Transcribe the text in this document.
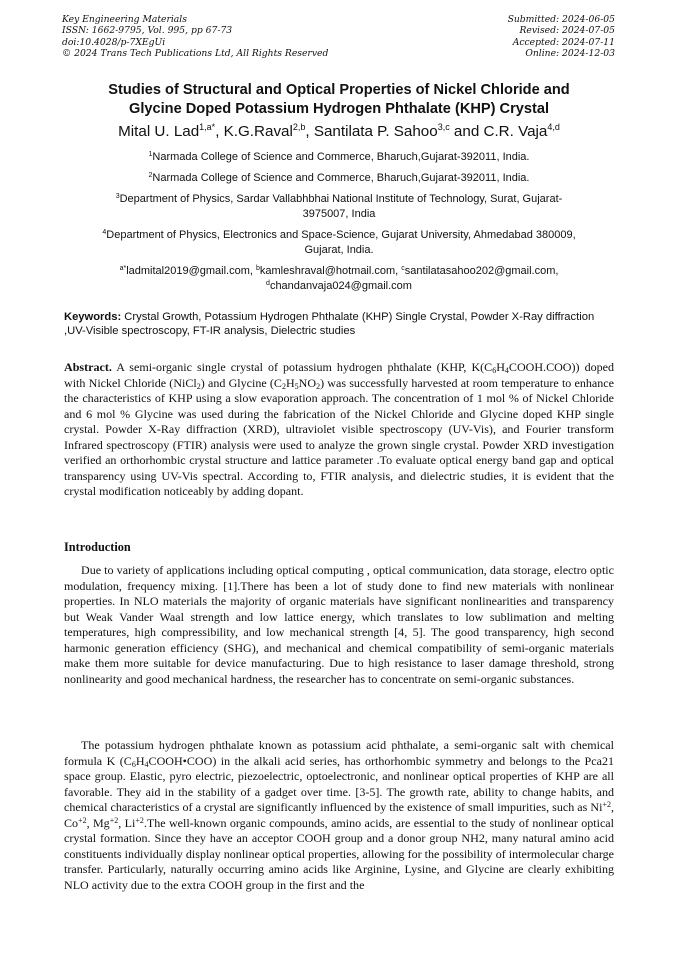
Key Engineering Materials
ISSN: 1662-9795, Vol. 995, pp 67-73
doi:10.4028/p-7XEgUi
© 2024 Trans Tech Publications Ltd, All Rights Reserved
Submitted: 2024-06-05
Revised: 2024-07-05
Accepted: 2024-07-11
Online: 2024-12-03
Studies of Structural and Optical Properties of Nickel Chloride and
Glycine Doped Potassium Hydrogen Phthalate (KHP) Crystal
Mital U. Lad$^{1,a*}$, K.G.Raval$^{2,b}$, Santilata P. Sahoo$^{3,c}$ and C.R. Vaja$^{4,d}$
$^1$Narmada College of Science and Commerce, Bharuch,Gujarat-392011, India.
$^2$Narmada College of Science and Commerce, Bharuch,Gujarat-392011, India.
$^3$Department of Physics, Sardar Vallabhbhai National Institute of Technology, Surat, Gujarat-
3975007, India
$^4$Department of Physics, Electronics and Space-Science, Gujarat University, Ahmedabad 380009,
Gujarat, India.
$^{a*}$ladmital2019@gmail.com, $^b$kamleshraval@hotmail.com, $^c$santilatasahoo202@gmail.com,
$^d$chandanvaja024@gmail.com
Keywords: Crystal Growth, Potassium Hydrogen Phthalate (KHP) Single Crystal, Powder X-Ray diffraction ,UV-Visible spectroscopy, FT-IR analysis, Dielectric studies
Abstract. A semi-organic single crystal of potassium hydrogen phthalate (KHP, $K(C_6H_4COOH.COO)$) doped with Nickel Chloride (NiCl$_2$) and Glycine $(C_2H_5NO_2)$ was successfully harvested at room temperature to enhance the characteristics of KHP using a slow evaporation approach. The concentration of 1 mol % of Nickel Chloride and 6 mol % Glycine was used during the fabrication of the Nickel Chloride and Glycine doped KHP single crystal. Powder X-Ray diffraction (XRD), ultraviolet visible spectroscopy (UV-Vis), and Fourier transform Infrared spectroscopy (FTIR) analysis were used to analyze the grown single crystal. Powder XRD investigation verified an orthorhombic crystal structure and lattice parameter .To evaluate optical energy band gap and optical transparency using UV-Vis spectral. According to, FTIR analysis, and dielectric studies, it is evident that the crystal modification noticeably by adding dopant.
Introduction
Due to variety of applications including optical computing , optical communication, data storage, electro optic modulation, frequency mixing. [1].There has been a lot of study done to find new materials with nonlinear properties. In NLO materials the majority of organic materials have significant nonlinearities and transparency but Weak Vander Waal strength and low lattice energy, which translates to low sublimation and melting temperatures, high compressibility, and low mechanical strength [4, 5]. The good transparency, high second harmonic generation efficiency (SHG), and mechanical and chemical compatibility of semi-organic materials make them more suitable for device manufacturing. Due to high resistance to laser damage threshold, strong nonlinearity and good mechanical hardness, the researcher has to concentrate on semi-organic substances.
The potassium hydrogen phthalate known as potassium acid phthalate, a semi-organic salt with chemical formula K $(C_6H_4COOH•COO)$ in the alkali acid series, has orthorhombic symmetry and belongs to the Pca21 space group. Elastic, pyro electric, piezoelectric, optoelectronic, and nonlinear optical properties of KHP are all favorable. They aid in the stability of a gadget over time. [3-5]. The growth rate, ability to change habits, and chemical characteristics of a crystal are significantly influenced by the existence of small impurities, such as $Ni^{+2}$, $Co^{+2}$, $Mg^{+2}$, $Li^{+2}.The$ well-known organic compounds, amino acids, are essential to the study of nonlinear optical crystal formation. Since they have an acceptor COOH group and a donor group NH2, many natural amino acid constituents individually display nonlinear optical properties, allowing for the possibility of intermolecular charge transfer. Particularly, naturally occurring amino acids like Arginine, Lysine, and Glycine are clearly exhibiting NLO activity due to the extra COOH group in the first and the
